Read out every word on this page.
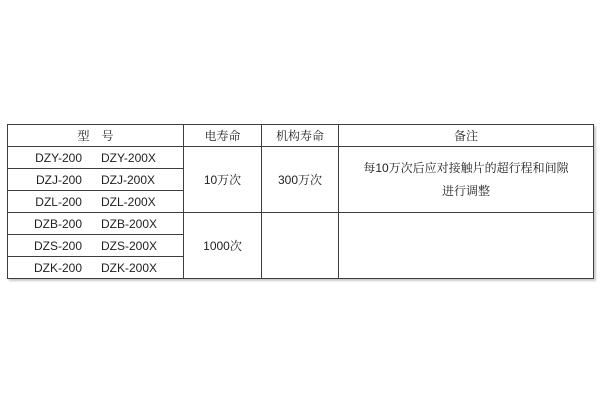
型　号	电寿命	机构寿命	备注

DZY-200 DZY-200X	10万次	300万次	每10万次后应对接触片的超行程和间隙
进行调整

DZJ-200 DZJ-200X			

DZL-200 DZL-200X			

DZB-200 DZB-200X	1000次		

DZS-200 DZS-200X			

DZK-200 DZK-200X			
